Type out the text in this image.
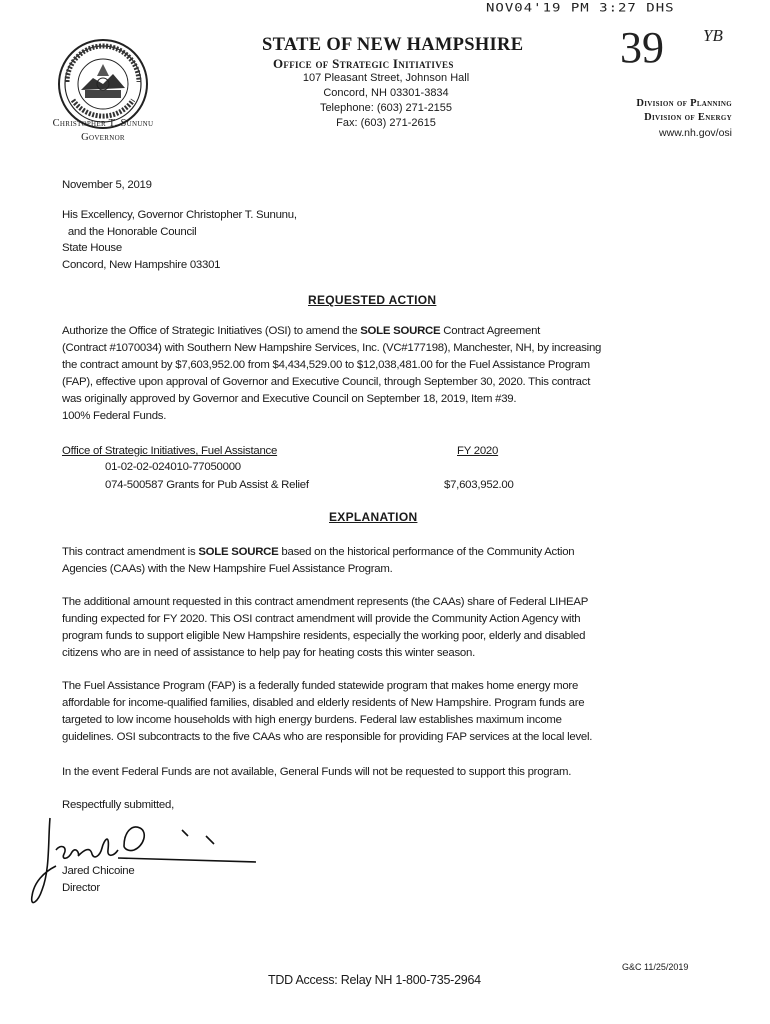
NOV04'19 PM 3:27 DHS
39 YB
Christopher T. Sununu
Governor
STATE OF NEW HAMPSHIRE
Office of Strategic Initiatives
107 Pleasant Street, Johnson Hall
Concord, NH 03301-3834
Telephone: (603) 271-2155
Fax: (603) 271-2615
Division of Planning
Division of Energy
www.nh.gov/osi
November 5, 2019
His Excellency, Governor Christopher T. Sununu,
and the Honorable Council
State House
Concord, New Hampshire 03301
REQUESTED ACTION
Authorize the Office of Strategic Initiatives (OSI) to amend the SOLE SOURCE Contract Agreement
(Contract #1070034) with Southern New Hampshire Services, Inc. (VC#177198), Manchester, NH, by increasing
the contract amount by $7,603,952.00 from $4,434,529.00 to $12,038,481.00 for the Fuel Assistance Program
(FAP), effective upon approval of Governor and Executive Council, through September 30, 2020. This contract
was originally approved by Governor and Executive Council on September 18, 2019, Item #39.
100% Federal Funds.
Office of Strategic Initiatives, Fuel Assistance	FY 2020
01-02-02-024010-77050000
074-500587 Grants for Pub Assist & Relief	$7,603,952.00
EXPLANATION
This contract amendment is SOLE SOURCE based on the historical performance of the Community Action
Agencies (CAAs) with the New Hampshire Fuel Assistance Program.
The additional amount requested in this contract amendment represents (the CAAs) share of Federal LIHEAP
funding expected for FY 2020. This OSI contract amendment will provide the Community Action Agency with
program funds to support eligible New Hampshire residents, especially the working poor, elderly and disabled
citizens who are in need of assistance to help pay for heating costs this winter season.
The Fuel Assistance Program (FAP) is a federally funded statewide program that makes home energy more
affordable for income-qualified families, disabled and elderly residents of New Hampshire. Program funds are
targeted to low income households with high energy burdens. Federal law establishes maximum income
guidelines. OSI subcontracts to the five CAAs who are responsible for providing FAP services at the local level.
In the event Federal Funds are not available, General Funds will not be requested to support this program.
Respectfully submitted,
Jared Chicoine
Director
G&C 11/25/2019
TDD Access: Relay NH 1-800-735-2964
